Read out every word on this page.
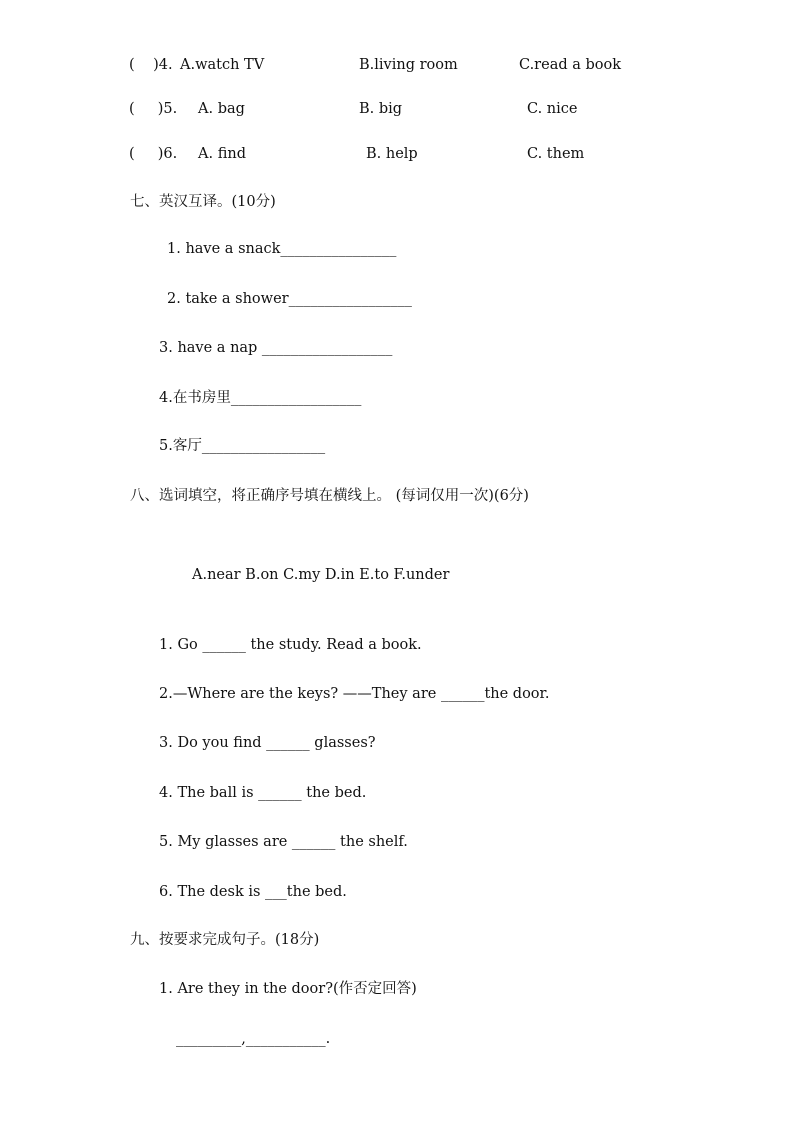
(    )4. A.watch TV	B.living room	C.read a book
(     )5. A. bag	B. big	C. nice
(     )6. A. find	B. help	C. them
七、英汉互译。(10分)
1. have a snack________________
2. take a shower_________________
3. have a nap __________________
4.在书房里__________________
5.客厅_________________
八、选词填空，将正确序号填在横线上。 (每词仅用一次)(6分)
A.near B.on C.my D.in E.to F.under
1. Go ______ the study. Read a book.
2.—Where are the keys? ——They are ______the door.
3. Do you find ______ glasses?
4. The ball is ______ the bed.
5. My glasses are ______ the shelf.
6. The desk is ___the bed.
九、按要求完成句子。(18分)
1. Are they in the door?(作否定回答)
_________,___________.
